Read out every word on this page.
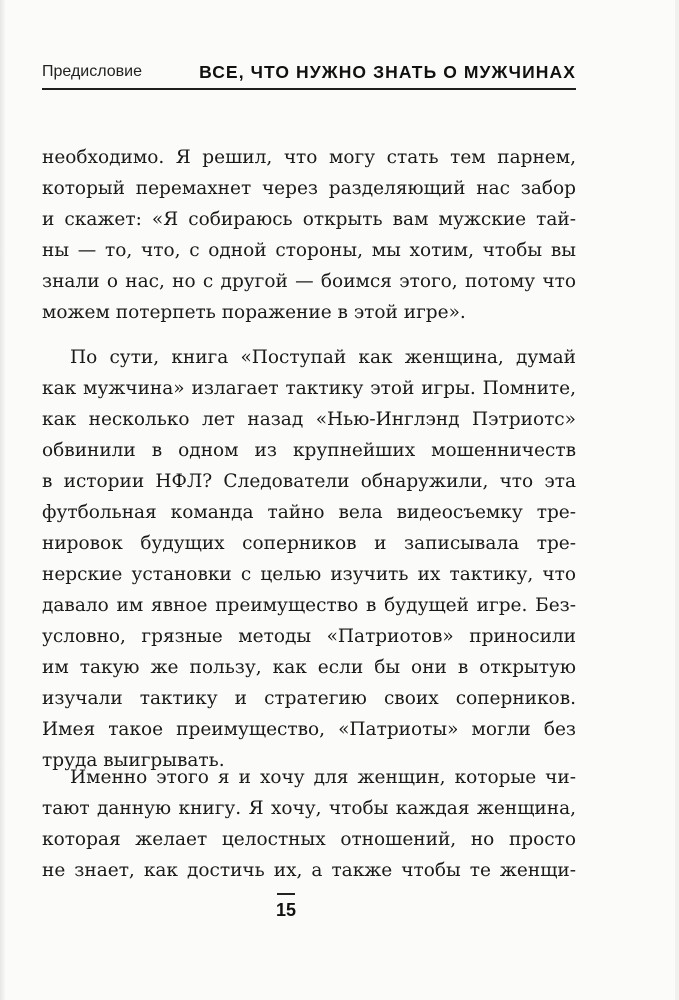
Предисловие	ВСЕ, ЧТО НУЖНО ЗНАТЬ О МУЖЧИНАХ
необходимо. Я решил, что могу стать тем парнем,
который перемахнет через разделяющий нас забор
и скажет: «Я собираюсь открыть вам мужские тай-
ны — то, что, с одной стороны, мы хотим, чтобы вы
знали о нас, но с другой — боимся этого, потому что
можем потерпеть поражение в этой игре».
По сути, книга «Поступай как женщина, думай
как мужчина» излагает тактику этой игры. Помните,
как несколько лет назад «Нью-Инглэнд Пэтриотс»
обвинили в одном из крупнейших мошенничеств
в истории НФЛ? Следователи обнаружили, что эта
футбольная команда тайно вела видеосъемку тре-
нировок будущих соперников и записывала тре-
нерские установки с целью изучить их тактику, что
давало им явное преимущество в будущей игре. Без-
условно, грязные методы «Патриотов» приносили
им такую же пользу, как если бы они в открытую
изучали тактику и стратегию своих соперников.
Имея такое преимущество, «Патриоты» могли без
труда выигрывать.
Именно этого я и хочу для женщин, которые чи-
тают данную книгу. Я хочу, чтобы каждая женщина,
которая желает целостных отношений, но просто
не знает, как достичь их, а также чтобы те женщи-
15
